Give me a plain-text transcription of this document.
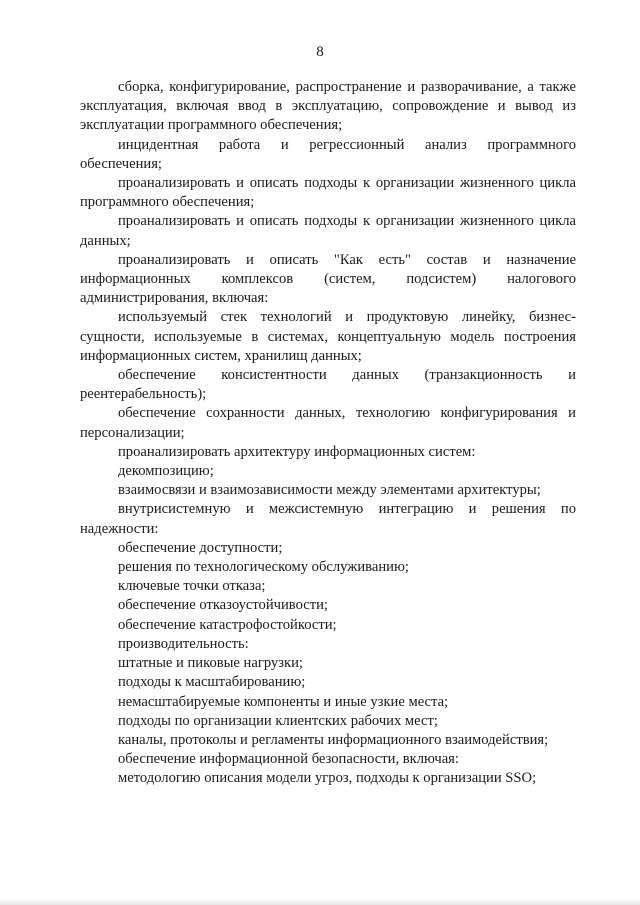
8

сборка, конфигурирование, распространение и разворачивание, а также эксплуатация, включая ввод в эксплуатацию, сопровождение и вывод из эксплуатации программного обеспечения;

инцидентная работа и регрессионный анализ программного обеспечения;

проанализировать и описать подходы к организации жизненного цикла программного обеспечения;

проанализировать и описать подходы к организации жизненного цикла данных;

проанализировать и описать "Как есть" состав и назначение информационных комплексов (систем, подсистем) налогового администрирования, включая:

используемый стек технологий и продуктовую линейку, бизнес-сущности, используемые в системах, концептуальную модель построения информационных систем, хранилищ данных;

обеспечение консистентности данных (транзакционность и реентерабельность);

обеспечение сохранности данных, технологию конфигурирования и персонализации;

проанализировать архитектуру информационных систем:

декомпозицию;

взаимосвязи и взаимозависимости между элементами архитектуры;

внутрисистемную и межсистемную интеграцию и решения по надежности:

обеспечение доступности;

решения по технологическому обслуживанию;

ключевые точки отказа;

обеспечение отказоустойчивости;

обеспечение катастрофостойкости;

производительность:

штатные и пиковые нагрузки;

подходы к масштабированию;

немасштабируемые компоненты и иные узкие места;

подходы по организации клиентских рабочих мест;

каналы, протоколы и регламенты информационного взаимодействия;

обеспечение информационной безопасности, включая:

методологию описания модели угроз, подходы к организации SSO;
